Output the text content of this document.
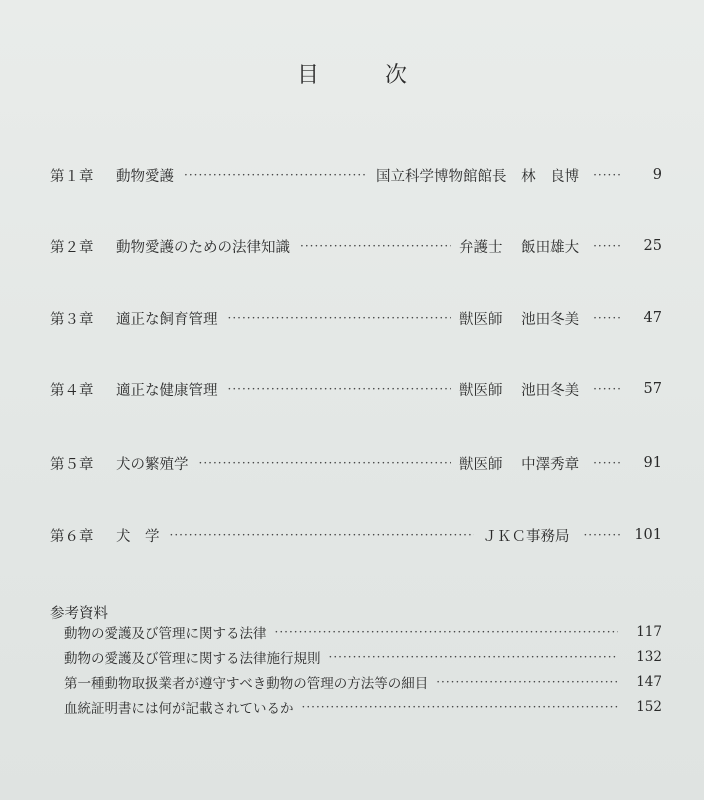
目　次
第１章	動物愛護 ·····	国立科学博物館館長 林　良博 ······	9
第２章	動物愛護のための法律知識 ·····	弁護士 飯田雄大 ······	25
第３章	適正な飼育管理 ·····	獣医師 池田冬美 ······	47
第４章	適正な健康管理 ·····	獣医師 池田冬美 ······	57
第５章	犬の繁殖学 ·····	獣医師 中澤秀章 ······	91
第６章	犬　学 ·····	ＪＫＣ事務局 ········ 101
参考資料
動物の愛護及び管理に関する法律 ·····	117
動物の愛護及び管理に関する法律施行規則 ·····	132
第一種動物取扱業者が遵守すべき動物の管理の方法等の細目 ·····	147
血統証明書には何が記載されているか ·····	152
